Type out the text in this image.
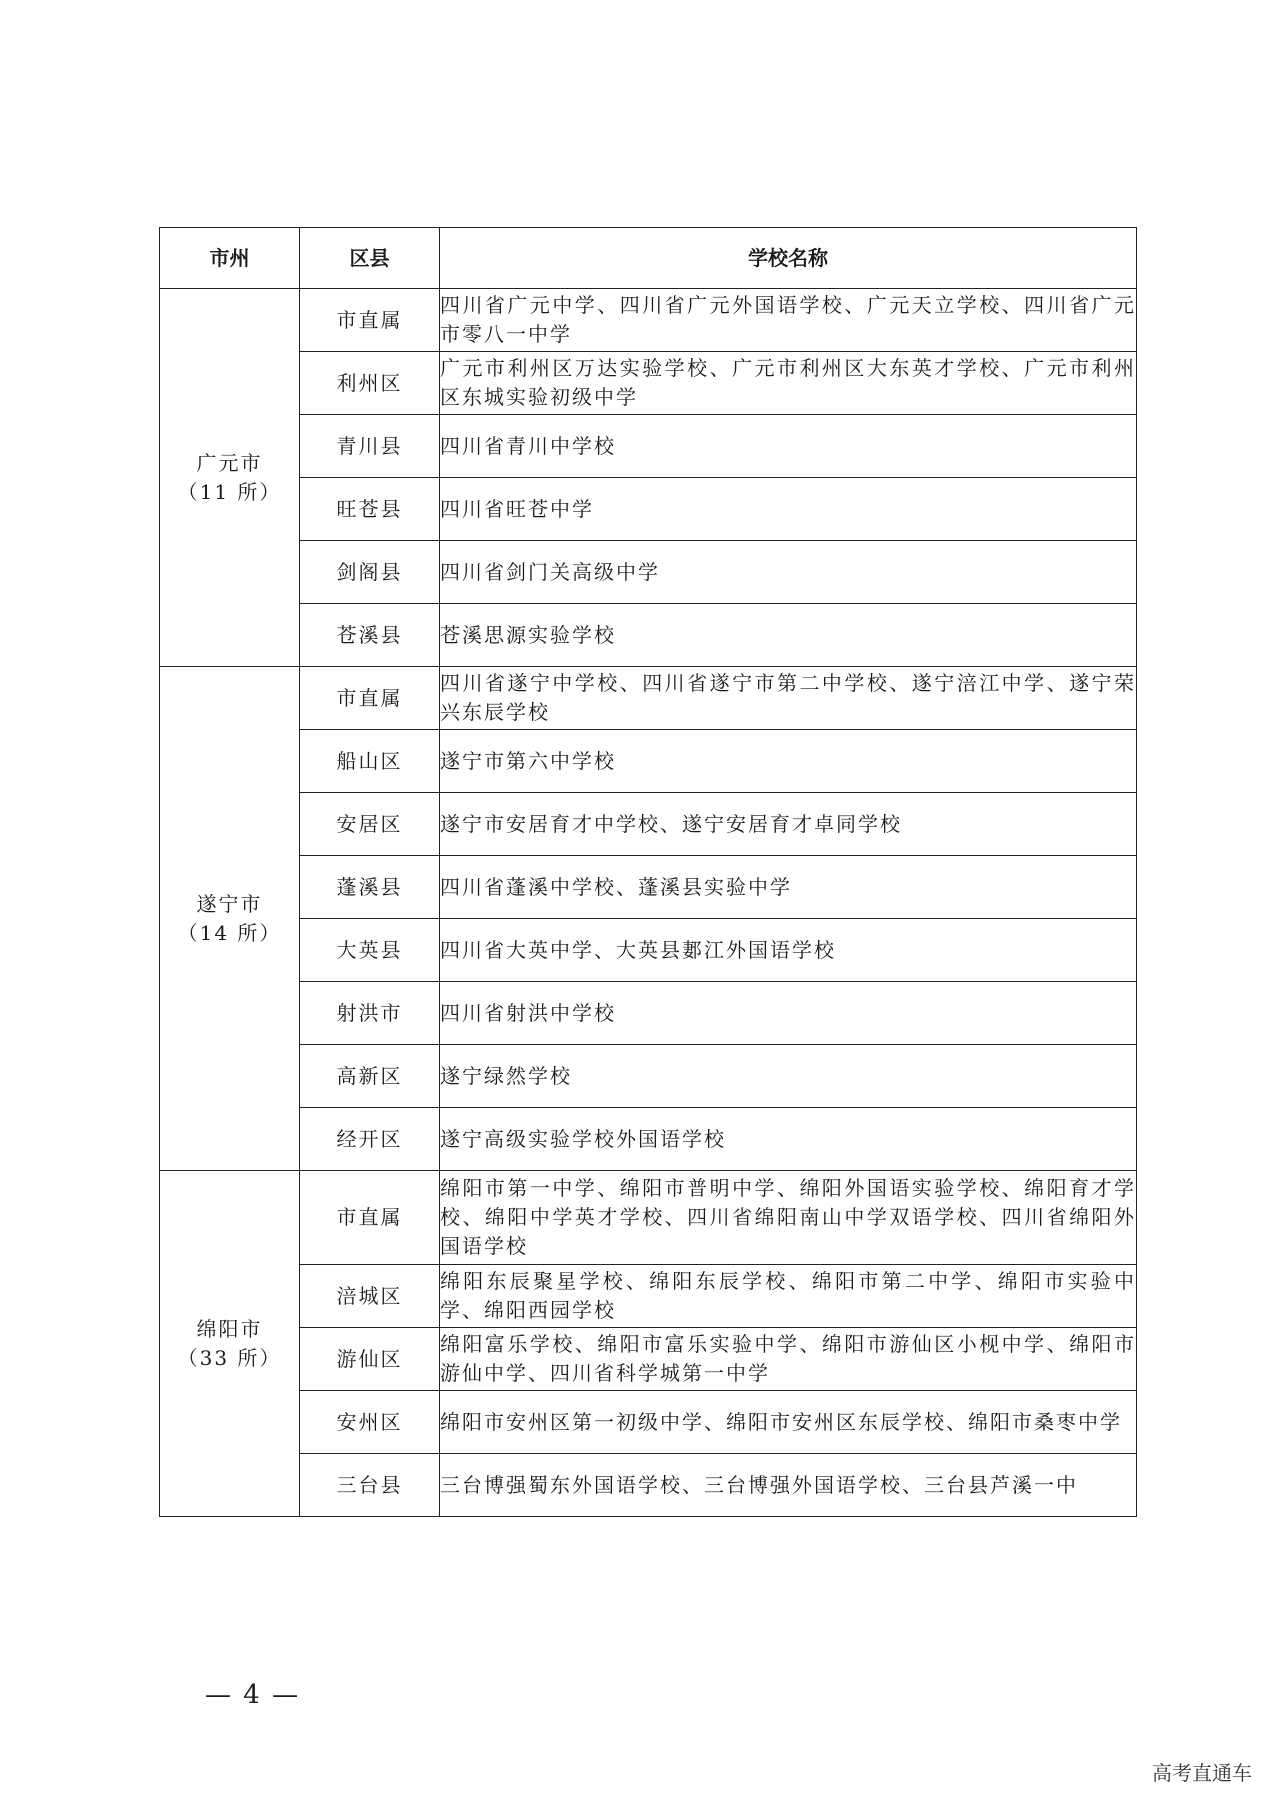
市州	区县	学校名称

广元市
（11 所）	市直属	四川省广元中学、四川省广元外国语学校、广元天立学校、四川省广元市零八一中学
	利州区	广元市利州区万达实验学校、广元市利州区大东英才学校、广元市利州区东城实验初级中学
	青川县	四川省青川中学校
	旺苍县	四川省旺苍中学
	剑阁县	四川省剑门关高级中学
	苍溪县	苍溪思源实验学校

遂宁市
（14 所）	市直属	四川省遂宁中学校、四川省遂宁市第二中学校、遂宁涪江中学、遂宁荣兴东辰学校
	船山区	遂宁市第六中学校
	安居区	遂宁市安居育才中学校、遂宁安居育才卓同学校
	蓬溪县	四川省蓬溪中学校、蓬溪县实验中学
	大英县	四川省大英中学、大英县郪江外国语学校
	射洪市	四川省射洪中学校
	高新区	遂宁绿然学校
	经开区	遂宁高级实验学校外国语学校

绵阳市
（33 所）	市直属	绵阳市第一中学、绵阳市普明中学、绵阳外国语实验学校、绵阳育才学校、绵阳中学英才学校、四川省绵阳南山中学双语学校、四川省绵阳外国语学校
	涪城区	绵阳东辰聚星学校、绵阳东辰学校、绵阳市第二中学、绵阳市实验中学、绵阳西园学校
	游仙区	绵阳富乐学校、绵阳市富乐实验中学、绵阳市游仙区小枧中学、绵阳市游仙中学、四川省科学城第一中学
	安州区	绵阳市安州区第一初级中学、绵阳市安州区东辰学校、绵阳市桑枣中学
	三台县	三台博强蜀东外国语学校、三台博强外国语学校、三台县芦溪一中
— 4 —
高考直通车
